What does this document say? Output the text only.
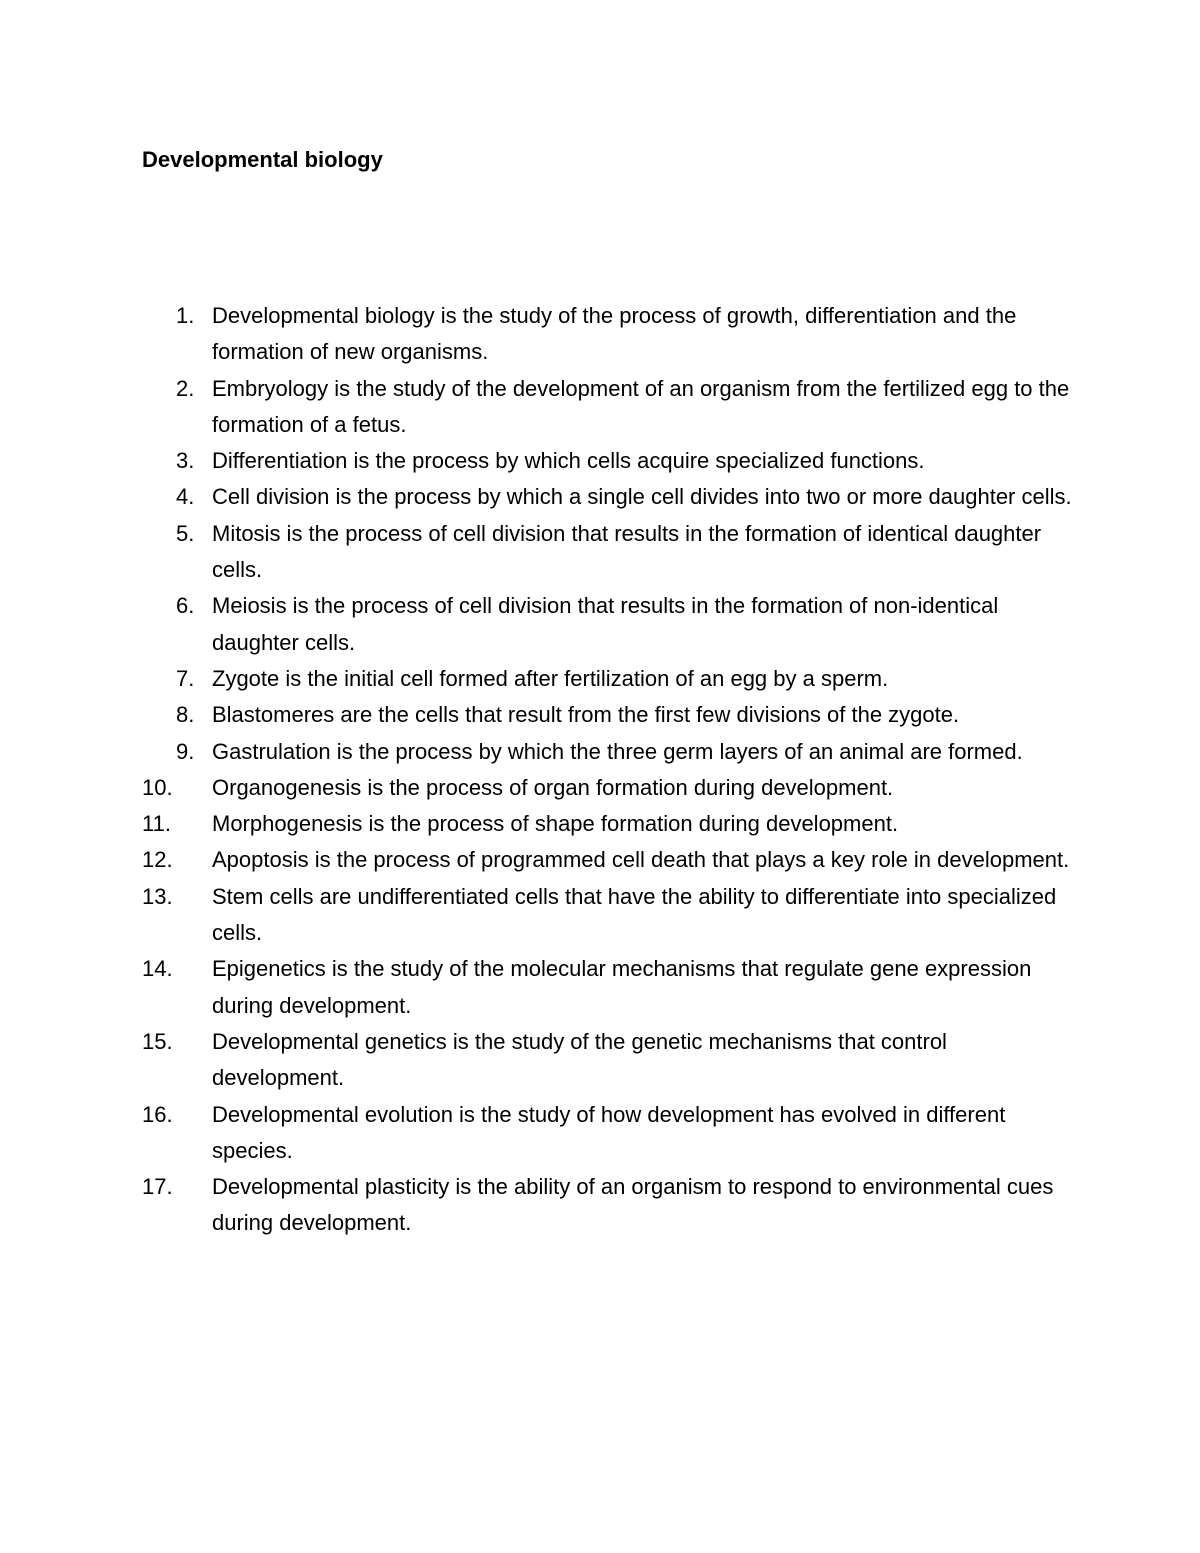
Developmental biology
1. Developmental biology is the study of the process of growth, differentiation and the formation of new organisms.
2. Embryology is the study of the development of an organism from the fertilized egg to the formation of a fetus.
3. Differentiation is the process by which cells acquire specialized functions.
4. Cell division is the process by which a single cell divides into two or more daughter cells.
5. Mitosis is the process of cell division that results in the formation of identical daughter cells.
6. Meiosis is the process of cell division that results in the formation of non-identical daughter cells.
7. Zygote is the initial cell formed after fertilization of an egg by a sperm.
8. Blastomeres are the cells that result from the first few divisions of the zygote.
9. Gastrulation is the process by which the three germ layers of an animal are formed.
10.	Organogenesis is the process of organ formation during development.
11.	Morphogenesis is the process of shape formation during development.
12.	Apoptosis is the process of programmed cell death that plays a key role in development.
13.	Stem cells are undifferentiated cells that have the ability to differentiate into specialized cells.
14.	Epigenetics is the study of the molecular mechanisms that regulate gene expression during development.
15.	Developmental genetics is the study of the genetic mechanisms that control development.
16.	Developmental evolution is the study of how development has evolved in different species.
17.	Developmental plasticity is the ability of an organism to respond to environmental cues during development.
